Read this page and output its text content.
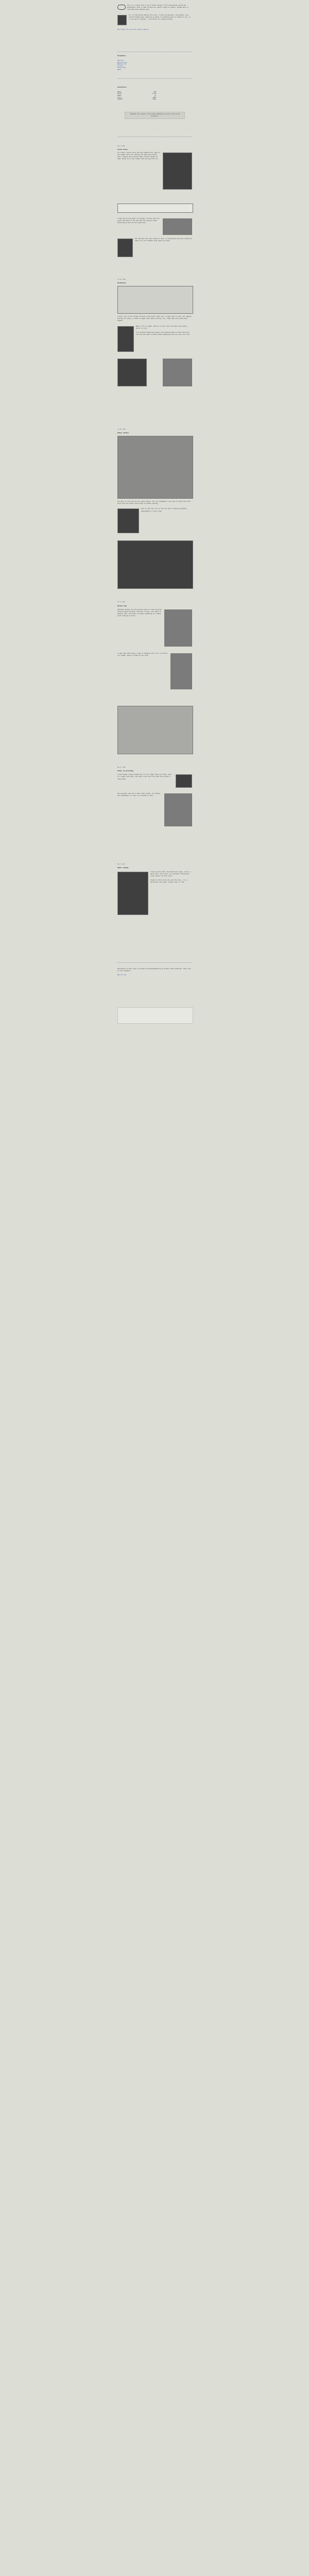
This is a little site I run to share things I find interesting, build and photograph. Most of what follows are notes I keep for myself, posted here in case they help someone else.

Hi, I'm the person behind this site. I like old machines, slow photos, and writing things down. Reach me by email if something here is useful to you, or if you spot a mistake — corrections are always welcome.

More about the site and contact details

Elsewhere

RSS feed
Photo archive
Reading list
Projects
Source code
Email

Statistics

Posts	214
Photos	1,318
Pages	37
Since	2009
Updated	today

Comments are closed. If you have something to add, write to me directly.

Aug 2, 2014

Field notes

It's been a while since the last update here. Most of the summer went into walking the same few streets with a camera and printing small contact sheets at home. Below are a few frames that survived the cut.

I kept the prints small on purpose. At this size the grain does most of the work and the subject stops mattering as much as the light does.

The lab down the road closed in June, so everything here was scanned at home on an old flatbed. Dust spots are mine.

Jul 18, 2014

Workbench

A short list of the things sitting on the bench right now: a radio with no case, two cameras waiting for seals, a stack of paper that needs sorting, and a lamp that only works when tapped.

None of it is urgent. Most of it will still be there next month, which is fine.

I've started labelling drawers with masking tape so that future me can find the small screws without emptying every box onto the floor.

Jun 30, 2014

Rainy window

Two days of rain and one very good window. The city disappears into grey at about the third block and the street noise drops to almost nothing.

Shot on the last roll of the old stock. Exposure guessed, development a little long.

Jun 9, 2014

Market day

Saturday markets are the easiest place to take pictures without anyone minding. Everyone is busy, the light is usually flat, and there is always something on a table worth looking at twice.

I came home with bread, a bag of tomatoes and a roll of thirty-six frames. Seven of them are any good.

May 21, 2014

Notes on printing

A few things I keep relearning: fix for longer than you think, wash for longer than that, and never trust the first test strip after a long break.

The enlarger lens has a small haze inside. It softens the highlights in a way I've started to like.

May 3, 2014

Small things

Close-up work with a borrowed lens. Keys, coins, a watch face, the corner of a postcard. Everything looks heavier at this scale.

Thanks to the friend who lent the lens — it is going back this week, cleaner than it left.

Everything on this site is written and photographed by me unless noted otherwise. Feel free to link anywhere.

Back to top
